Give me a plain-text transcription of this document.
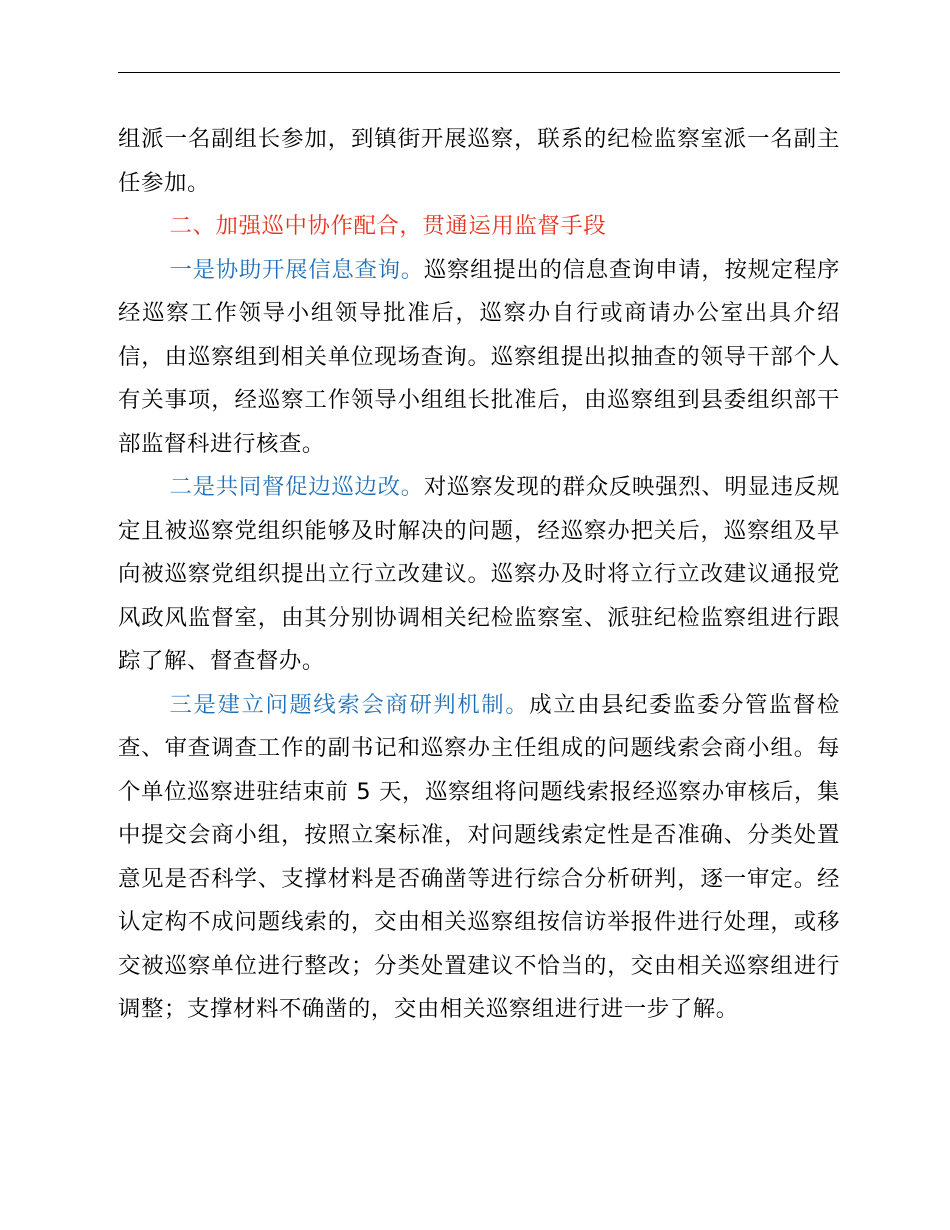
组派一名副组长参加，到镇街开展巡察，联系的纪检监察室派一名副主任参加。

二、加强巡中协作配合，贯通运用监督手段

一是协助开展信息查询。巡察组提出的信息查询申请，按规定程序经巡察工作领导小组领导批准后，巡察办自行或商请办公室出具介绍信，由巡察组到相关单位现场查询。巡察组提出拟抽查的领导干部个人有关事项，经巡察工作领导小组组长批准后，由巡察组到县委组织部干部监督科进行核查。

二是共同督促边巡边改。对巡察发现的群众反映强烈、明显违反规定且被巡察党组织能够及时解决的问题，经巡察办把关后，巡察组及早向被巡察党组织提出立行立改建议。巡察办及时将立行立改建议通报党风政风监督室，由其分别协调相关纪检监察室、派驻纪检监察组进行跟踪了解、督查督办。

三是建立问题线索会商研判机制。成立由县纪委监委分管监督检查、审查调查工作的副书记和巡察办主任组成的问题线索会商小组。每个单位巡察进驻结束前 5 天，巡察组将问题线索报经巡察办审核后，集中提交会商小组，按照立案标准，对问题线索定性是否准确、分类处置意见是否科学、支撑材料是否确凿等进行综合分析研判，逐一审定。经认定构不成问题线索的，交由相关巡察组按信访举报件进行处理，或移交被巡察单位进行整改；分类处置建议不恰当的，交由相关巡察组进行调整；支撑材料不确凿的，交由相关巡察组进行进一步了解。
